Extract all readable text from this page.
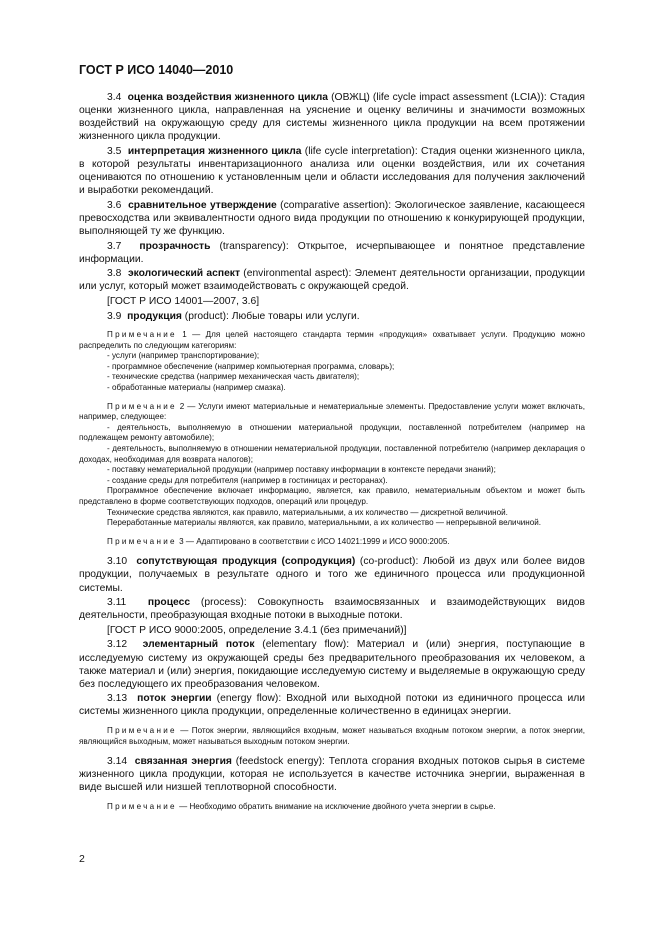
ГОСТ Р ИСО 14040—2010

3.4 оценка воздействия жизненного цикла (ОВЖЦ) (life cycle impact assessment (LCIA)): Стадия оценки жизненного цикла, направленная на уяснение и оценку величины и значимости возможных воздействий на окружающую среду для системы жизненного цикла продукции на всем протяжении жизненного цикла продукции.

3.5 интерпретация жизненного цикла (life cycle interpretation): Стадия оценки жизненного цикла, в которой результаты инвентаризационного анализа или оценки воздействия, или их сочетания оцениваются по отношению к установленным цели и области исследования для получения заключений и выработки рекомендаций.

3.6 сравнительное утверждение (comparative assertion): Экологическое заявление, касающееся превосходства или эквивалентности одного вида продукции по отношению к конкурирующей продукции, выполняющей ту же функцию.

3.7 прозрачность (transparency): Открытое, исчерпывающее и понятное представление информации.

3.8 экологический аспект (environmental aspect): Элемент деятельности организации, продукции или услуг, который может взаимодействовать с окружающей средой.

[ГОСТ Р ИСО 14001—2007, 3.6]

3.9 продукция (product): Любые товары или услуги.

Примечание 1 — Для целей настоящего стандарта термин «продукция» охватывает услуги. Продукцию можно распределить по следующим категориям:

- услуги (например транспортирование);

- программное обеспечение (например компьютерная программа, словарь);

- технические средства (например механическая часть двигателя);

- обработанные материалы (например смазка).

Примечание 2 — Услуги имеют материальные и нематериальные элементы. Предоставление услуги может включать, например, следующее:

- деятельность, выполняемую в отношении материальной продукции, поставленной потребителем (например на подлежащем ремонту автомобиле);

- деятельность, выполняемую в отношении нематериальной продукции, поставленной потребителю (например декларация о доходах, необходимая для возврата налогов);

- поставку нематериальной продукции (например поставку информации в контексте передачи знаний);

- создание среды для потребителя (например в гостиницах и ресторанах).

Программное обеспечение включает информацию, является, как правило, нематериальным объектом и может быть представлено в форме соответствующих подходов, операций или процедур.

Технические средства являются, как правило, материальными, а их количество — дискретной величиной.

Переработанные материалы являются, как правило, материальными, а их количество — непрерывной величиной.

Примечание 3 — Адаптировано в соответствии с ИСО 14021:1999 и ИСО 9000:2005.

3.10 сопутствующая продукция (сопродукция) (co-product): Любой из двух или более видов продукции, получаемых в результате одного и того же единичного процесса или продукционной системы.

3.11 процесс (process): Совокупность взаимосвязанных и взаимодействующих видов деятельности, преобразующая входные потоки в выходные потоки.

[ГОСТ Р ИСО 9000:2005, определение 3.4.1 (без примечаний)]

3.12 элементарный поток (elementary flow): Материал и (или) энергия, поступающие в исследуемую систему из окружающей среды без предварительного преобразования их человеком, а также материал и (или) энергия, покидающие исследуемую систему и выделяемые в окружающую среду без последующего их преобразования человеком.

3.13 поток энергии (energy flow): Входной или выходной потоки из единичного процесса или системы жизненного цикла продукции, определенные количественно в единицах энергии.

Примечание — Поток энергии, являющийся входным, может называться входным потоком энергии, а поток энергии, являющийся выходным, может называться выходным потоком энергии.

3.14 связанная энергия (feedstock energy): Теплота сгорания входных потоков сырья в системе жизненного цикла продукции, которая не используется в качестве источника энергии, выраженная в виде высшей или низшей теплотворной способности.

Примечание — Необходимо обратить внимание на исключение двойного учета энергии в сырье.

2
